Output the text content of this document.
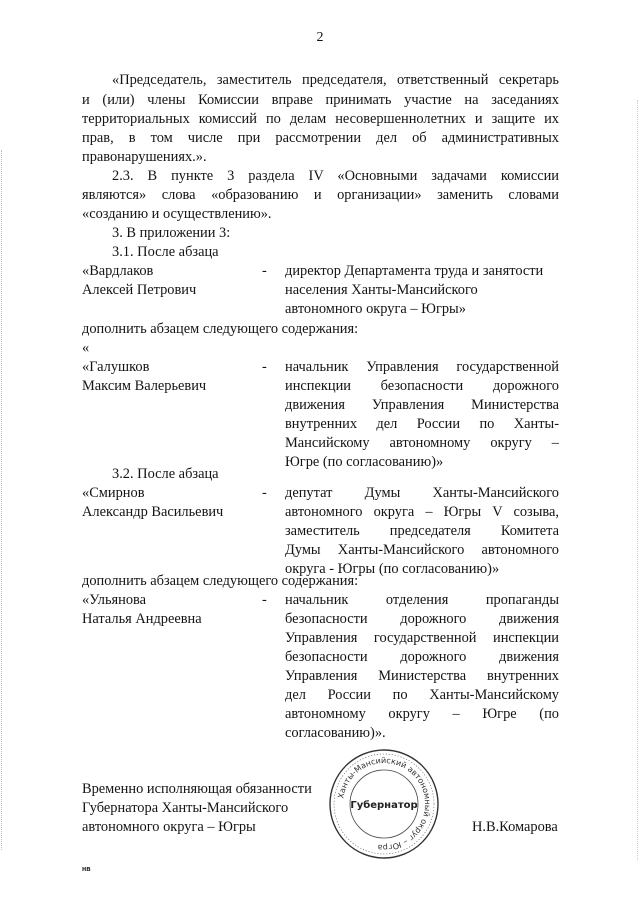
2
«Председатель, заместитель председателя, ответственный секретарь
и (или) члены Комиссии вправе принимать участие на заседаниях
территориальных комиссий по делам несовершеннолетних и защите их
прав, в том числе при рассмотрении дел об административных
правонарушениях.».
2.3. В пункте 3 раздела IV «Основными задачами комиссии
являются» слова «образованию и организации» заменить словами
«созданию и осуществлению».
3. В приложении 3:
3.1. После абзаца
«Вардлаков
Алексей Петрович
- директор Департамента труда и занятости
населения Ханты-Мансийского
автономного округа – Югры»
дополнить абзацем следующего содержания:
«
«Галушков
Максим Валерьевич
- начальник Управления государственной
инспекции безопасности дорожного
движения Управления Министерства
внутренних дел России по Ханты-
Мансийскому автономному округу –
Югре (по согласованию)»
3.2. После абзаца
«Смирнов
Александр Васильевич
- депутат Думы Ханты-Мансийского
автономного округа – Югры V созыва,
заместитель председателя Комитета
Думы Ханты-Мансийского автономного
округа - Югры (по согласованию)»
дополнить абзацем следующего содержания:
«Ульянова
Наталья Андреевна
- начальник отделения пропаганды
безопасности дорожного движения
Управления государственной инспекции
безопасности дорожного движения
Управления Министерства внутренних
дел России по Ханты-Мансийскому
автономному округу – Югре (по
согласованию)».
Временно исполняющая обязанности
Губернатора Ханты-Мансийского
автономного округа – Югры	Н.В.Комарова
Ханты-Мансийский автономный округ – Югра
Губернатор
нв
